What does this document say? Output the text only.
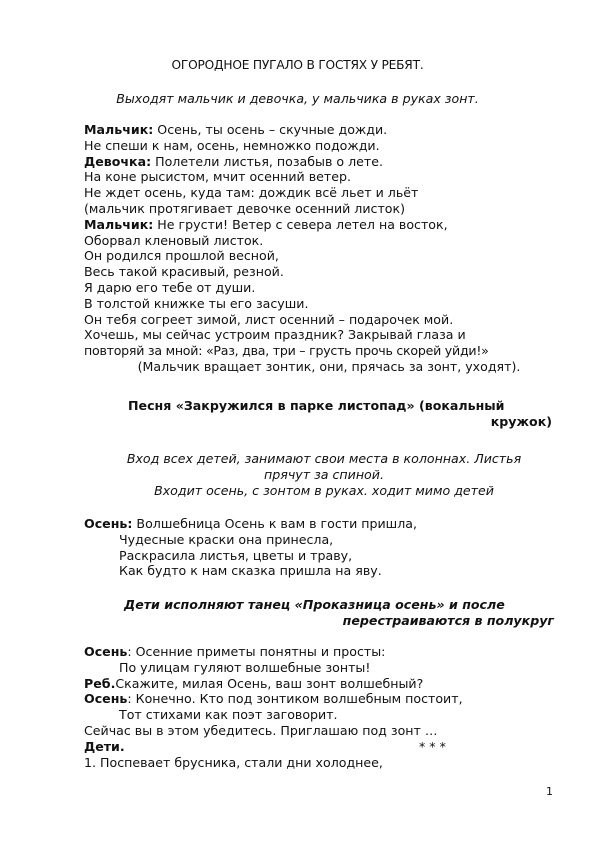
ОГОРОДНОЕ ПУГАЛО В ГОСТЯХ У РЕБЯТ.
Выходят мальчик и девочка, у мальчика в руках зонт.
Мальчик: Осень, ты осень – скучные дожди.
Не спеши к нам, осень, немножко подожди.
Девочка: Полетели листья, позабыв о лете.
На коне рысистом, мчит осенний ветер.
Не ждет осень, куда там: дождик всё льет и льёт
(мальчик протягивает девочке осенний листок)
Мальчик: Не грусти! Ветер с севера летел на восток,
Оборвал кленовый листок.
Он родился прошлой весной,
Весь такой красивый, резной.
Я дарю его тебе от души.
В толстой книжке ты его засуши.
Он тебя согреет зимой, лист осенний – подарочек мой.
Хочешь, мы сейчас устроим праздник? Закрывай глаза и
повторяй за мной: «Раз, два, три – грусть прочь скорей уйди!»
(Мальчик вращает зонтик, они, прячась за зонт, уходят).
Песня «Закружился в парке листопад» (вокальный
кружок)
Вход всех детей, занимают свои места в колоннах. Листья
прячут за спиной.
Входит осень, с зонтом в руках. ходит мимо детей
Осень: Волшебница Осень к вам в гости пришла,
Чудесные краски она принесла,
Раскрасила листья, цветы и траву,
Как будто к нам сказка пришла на яву.
Дети исполняют танец «Проказница осень» и после
перестраиваются в полукруг
Осень: Осенние приметы понятны и просты:
По улицам гуляют волшебные зонты!
Реб.Скажите, милая Осень, ваш зонт волшебный?
Осень: Конечно. Кто под зонтиком волшебным постоит,
Тот стихами как поэт заговорит.
Сейчас вы в этом убедитесь. Приглашаю под зонт …
Дети.	* * *
1. Поспевает брусника, стали дни холоднее,
1
